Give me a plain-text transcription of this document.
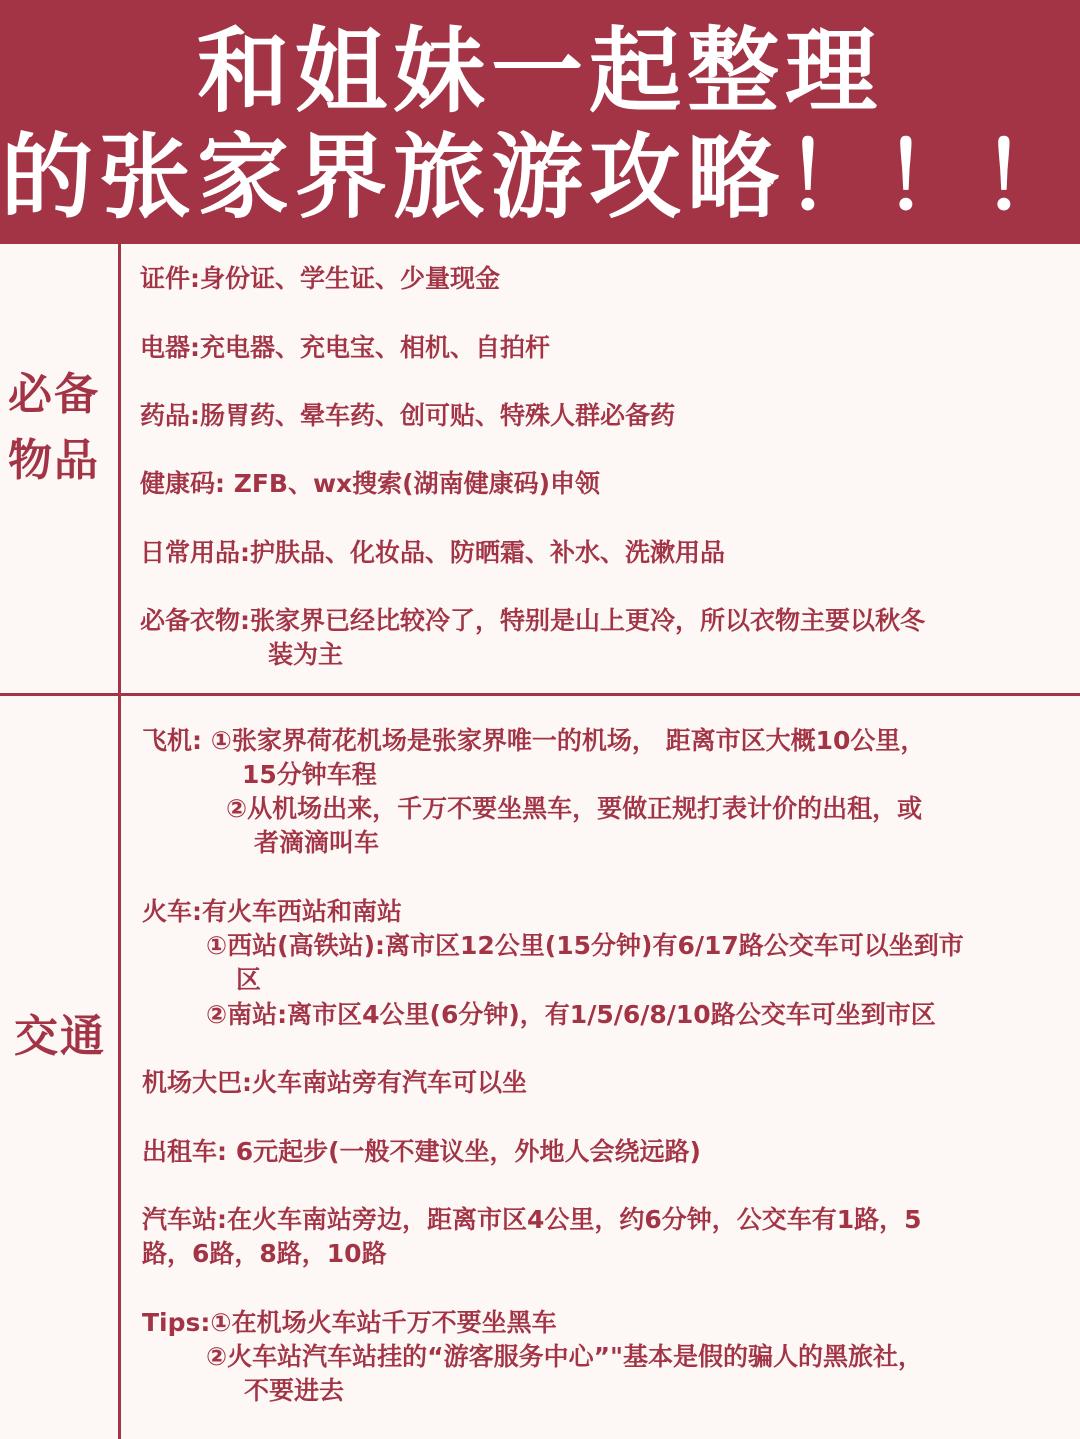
和姐妹一起整理
的张家界旅游攻略！！！
必备
物品
证件:身份证、学生证、少量现金
电器:充电器、充电宝、相机、自拍杆
药品:肠胃药、晕车药、创可贴、特殊人群必备药
健康码: ZFB、wx搜索(湖南健康码)申领
日常用品:护肤品、化妆品、防晒霜、补水、洗漱用品
必备衣物:张家界已经比较冷了，特别是山上更冷，所以衣物主要以秋冬
装为主
交通
飞机: ①张家界荷花机场是张家界唯一的机场， 距离市区大概10公里，
15分钟车程
②从机场出来，千万不要坐黑车，要做正规打表计价的出租，或
者滴滴叫车
火车:有火车西站和南站
①西站(高铁站):离市区12公里(15分钟)有6/17路公交车可以坐到市
区
②南站:离市区4公里(6分钟)，有1/5/6/8/10路公交车可坐到市区
机场大巴:火车南站旁有汽车可以坐
出租车: 6元起步(一般不建议坐，外地人会绕远路)
汽车站:在火车南站旁边，距离市区4公里，约6分钟，公交车有1路，5
路，6路，8路，10路
Tips:①在机场火车站千万不要坐黑车
②火车站汽车站挂的“游客服务中心”"基本是假的骗人的黑旅社，
不要进去
